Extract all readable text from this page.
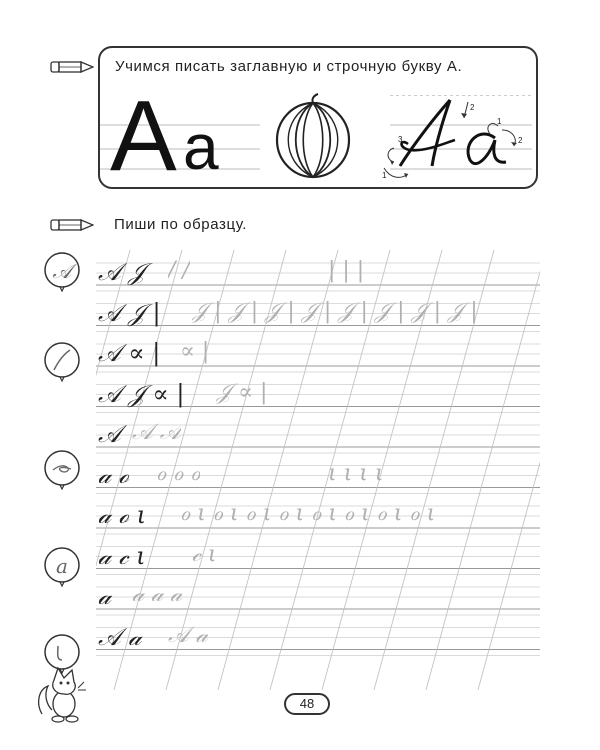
Учимся писать заглавную и строчную букву А.
А а	1
2
3
1
2
Пиши по образцу.
𝒜
a
𝒜 𝒥 / /	| | |
𝒜 𝒥 | 𝒥 | 𝒥 | 𝒥 | 𝒥 | 𝒥 | 𝒥 | 𝒥 | 𝒥 |
𝒜 ∝ | ∝ |
𝒜 𝒥 ∝ | 𝒥 ∝ |
𝒜 𝒜 𝒜
𝒶 ℴ ℴ ℴ ℴ	ι ι ι ι
𝒶 ℴ ι ℴ ι ℴ ι ℴ ι ℴ ι ℴ ι ℴ ι ℴ ι ℴ ι
𝒶 𝒸 ι 𝒸 ι
𝒶 𝒶 𝒶 𝒶
𝒜 𝒶 𝒜 𝒶
48
